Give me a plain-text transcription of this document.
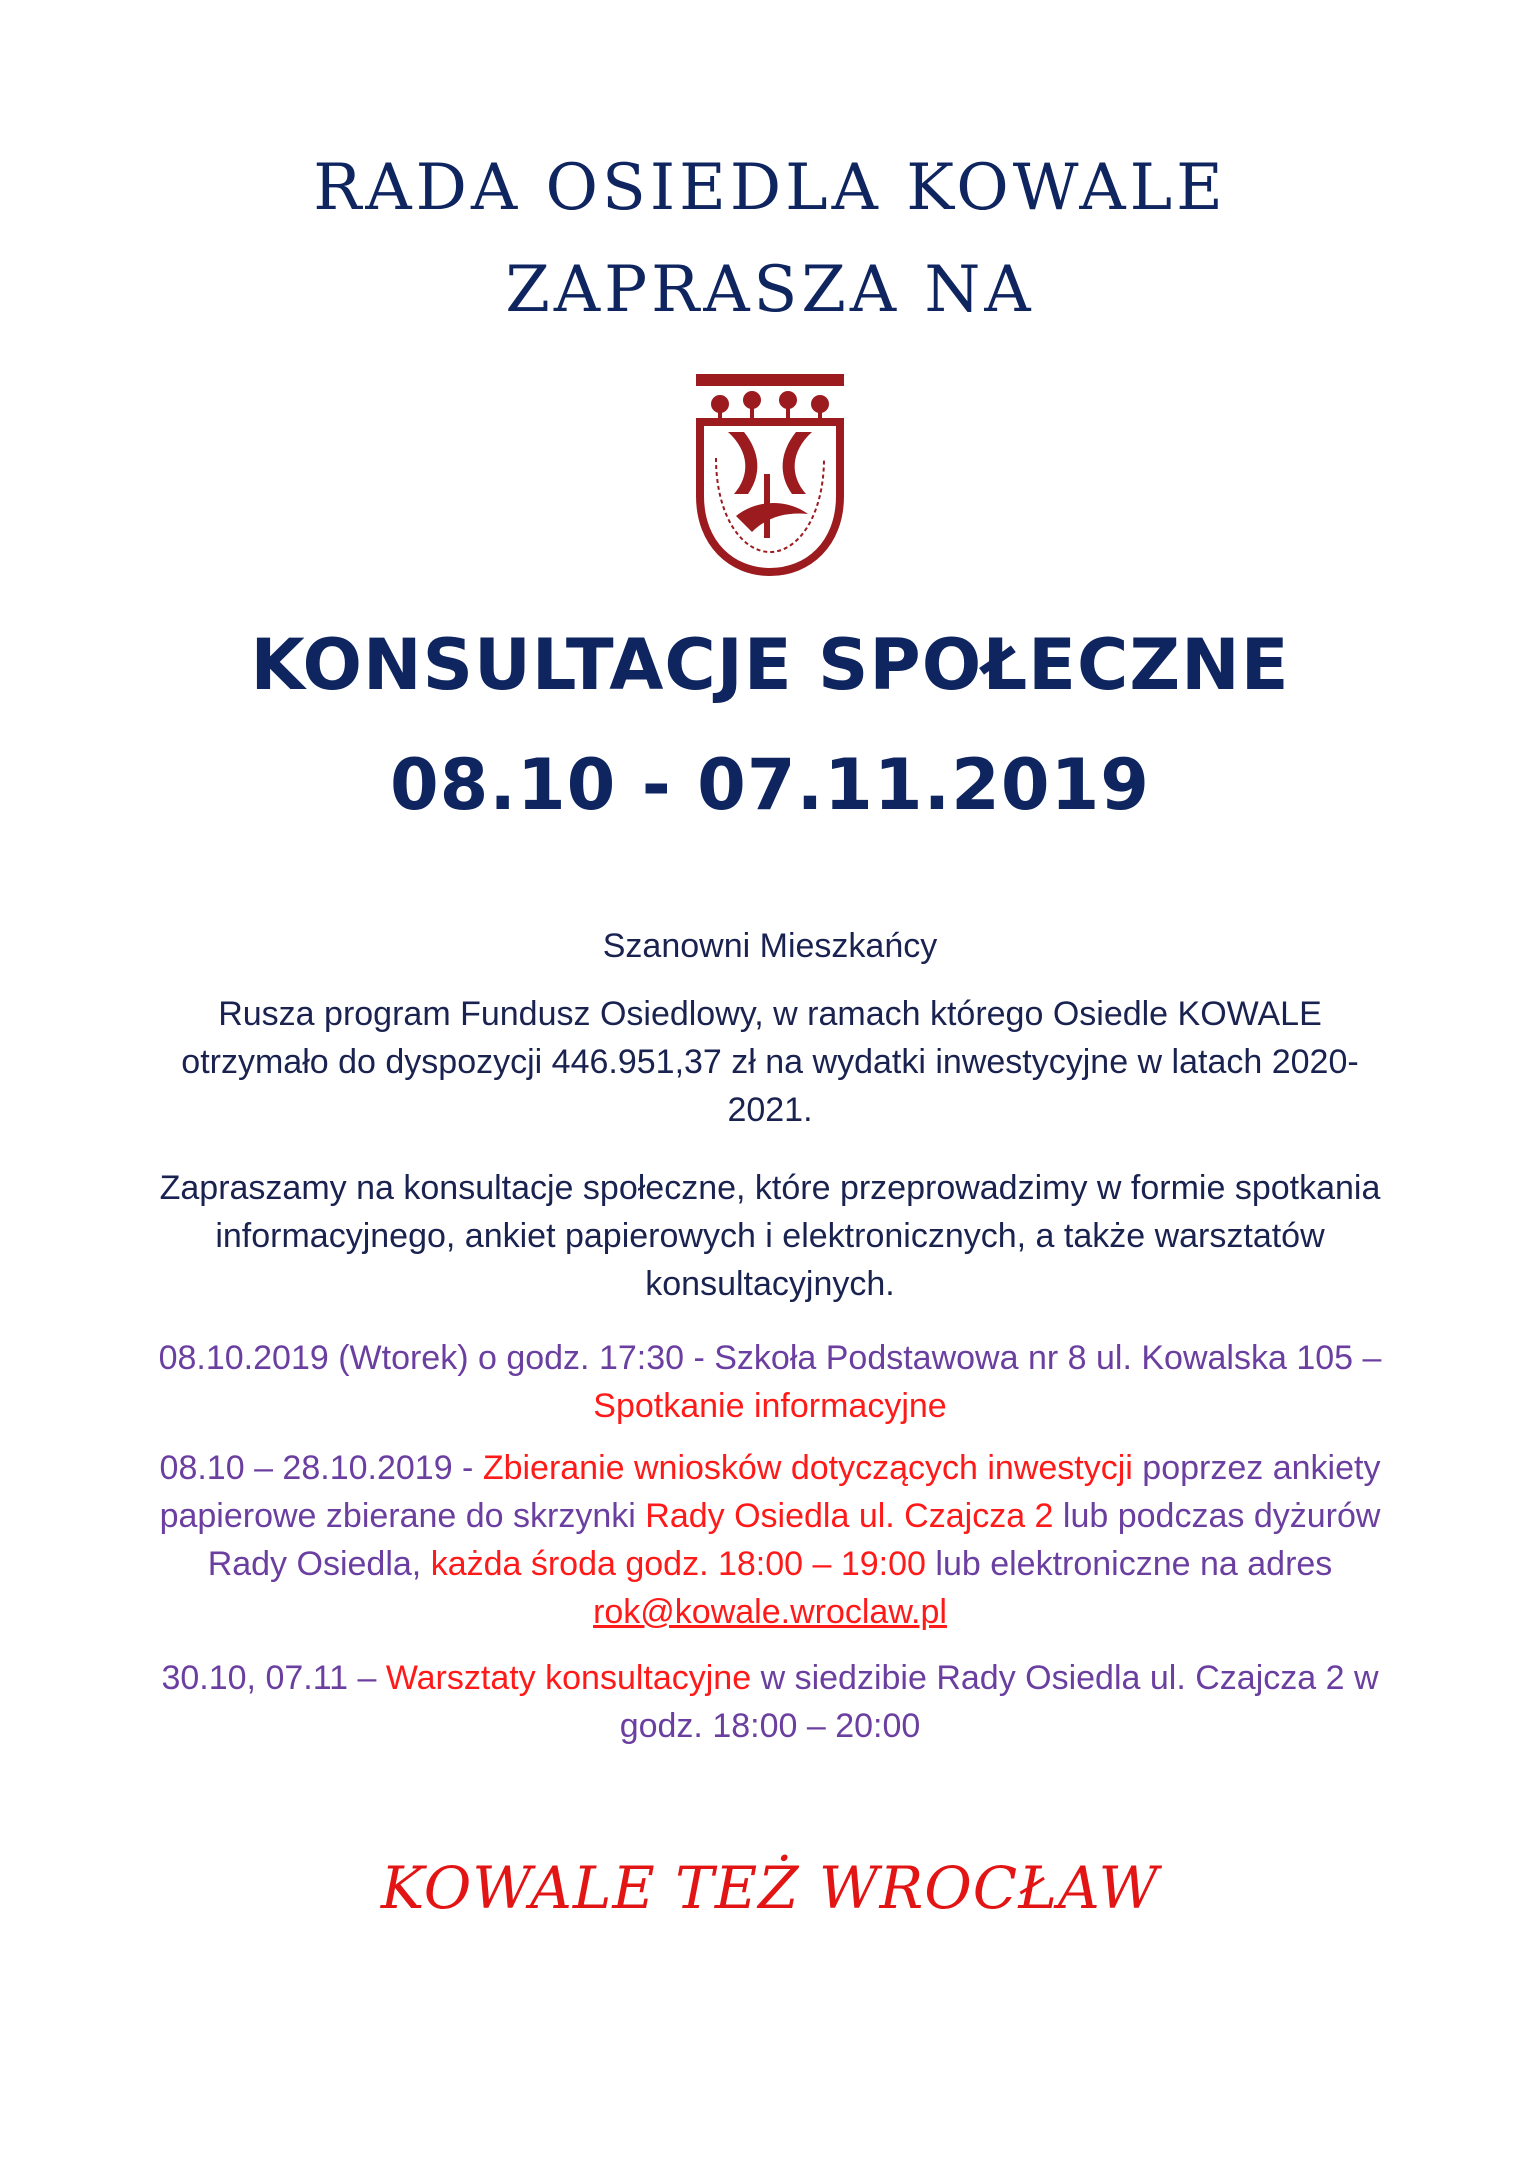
RADA OSIEDLA KOWALE
ZAPRASZA NA
KONSULTACJE SPOŁECZNE
08.10 - 07.11.2019
Szanowni Mieszkańcy
Rusza program Fundusz Osiedlowy, w ramach którego Osiedle KOWALE otrzymało do dyspozycji 446.951,37 zł na wydatki inwestycyjne w latach 2020-2021.
Zapraszamy na konsultacje społeczne, które przeprowadzimy w formie spotkania informacyjnego, ankiet papierowych i elektronicznych, a także warsztatów konsultacyjnych.
08.10.2019 (Wtorek) o godz. 17:30 - Szkoła Podstawowa nr 8 ul. Kowalska 105 – Spotkanie informacyjne
08.10 – 28.10.2019 - Zbieranie wniosków dotyczących inwestycji poprzez ankiety papierowe zbierane do skrzynki Rady Osiedla ul. Czajcza 2 lub podczas dyżurów Rady Osiedla, każda środa godz. 18:00 – 19:00 lub elektroniczne na adres rok@kowale.wroclaw.pl
30.10, 07.11 – Warsztaty konsultacyjne w siedzibie Rady Osiedla ul. Czajcza 2 w godz. 18:00 – 20:00
KOWALE TEŻ WROCŁAW
